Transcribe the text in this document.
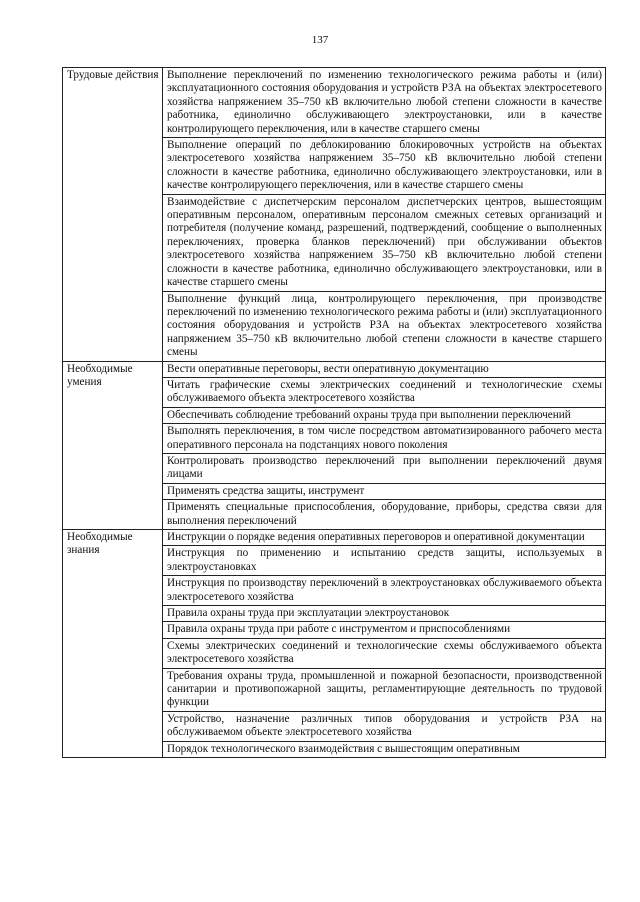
137
Трудовые действия	Выполнение переключений по изменению технологического режима работы и (или) эксплуатационного состояния оборудования и устройств РЗА на объектах электросетевого хозяйства напряжением 35–750 кВ включительно любой степени сложности в качестве работника, единолично обслуживающего электроустановки, или в качестве контролирующего переключения, или в качестве старшего смены
	Выполнение операций по деблокированию блокировочных устройств на объектах электросетевого хозяйства напряжением 35–750 кВ включительно любой степени сложности в качестве работника, единолично обслуживающего электроустановки, или в качестве контролирующего переключения, или в качестве старшего смены
	Взаимодействие с диспетчерским персоналом диспетчерских центров, вышестоящим оперативным персоналом, оперативным персоналом смежных сетевых организаций и потребителя (получение команд, разрешений, подтверждений, сообщение о выполненных переключениях, проверка бланков переключений) при обслуживании объектов электросетевого хозяйства напряжением 35–750 кВ включительно любой степени сложности в качестве работника, единолично обслуживающего электроустановки, или в качестве старшего смены
	Выполнение функций лица, контролирующего переключения, при производстве переключений по изменению технологического режима работы и (или) эксплуатационного состояния оборудования и устройств РЗА на объектах электросетевого хозяйства напряжением 35–750 кВ включительно любой степени сложности в качестве старшего смены
Необходимые умения	Вести оперативные переговоры, вести оперативную документацию
	Читать графические схемы электрических соединений и технологические схемы обслуживаемого объекта электросетевого хозяйства
	Обеспечивать соблюдение требований охраны труда при выполнении переключений
	Выполнять переключения, в том числе посредством автоматизированного рабочего места оперативного персонала на подстанциях нового поколения
	Контролировать производство переключений при выполнении переключений двумя лицами
	Применять средства защиты, инструмент
	Применять специальные приспособления, оборудование, приборы, средства связи для выполнения переключений
Необходимые знания	Инструкции о порядке ведения оперативных переговоров и оперативной документации
	Инструкция по применению и испытанию средств защиты, используемых в электроустановках
	Инструкция по производству переключений в электроустановках обслуживаемого объекта электросетевого хозяйства
	Правила охраны труда при эксплуатации электроустановок
	Правила охраны труда при работе с инструментом и приспособлениями
	Схемы электрических соединений и технологические схемы обслуживаемого объекта электросетевого хозяйства
	Требования охраны труда, промышленной и пожарной безопасности, производственной санитарии и противопожарной защиты, регламентирующие деятельность по трудовой функции
	Устройство, назначение различных типов оборудования и устройств РЗА на обслуживаемом объекте электросетевого хозяйства

	Порядок технологического взаимодействия с вышестоящим оперативным
